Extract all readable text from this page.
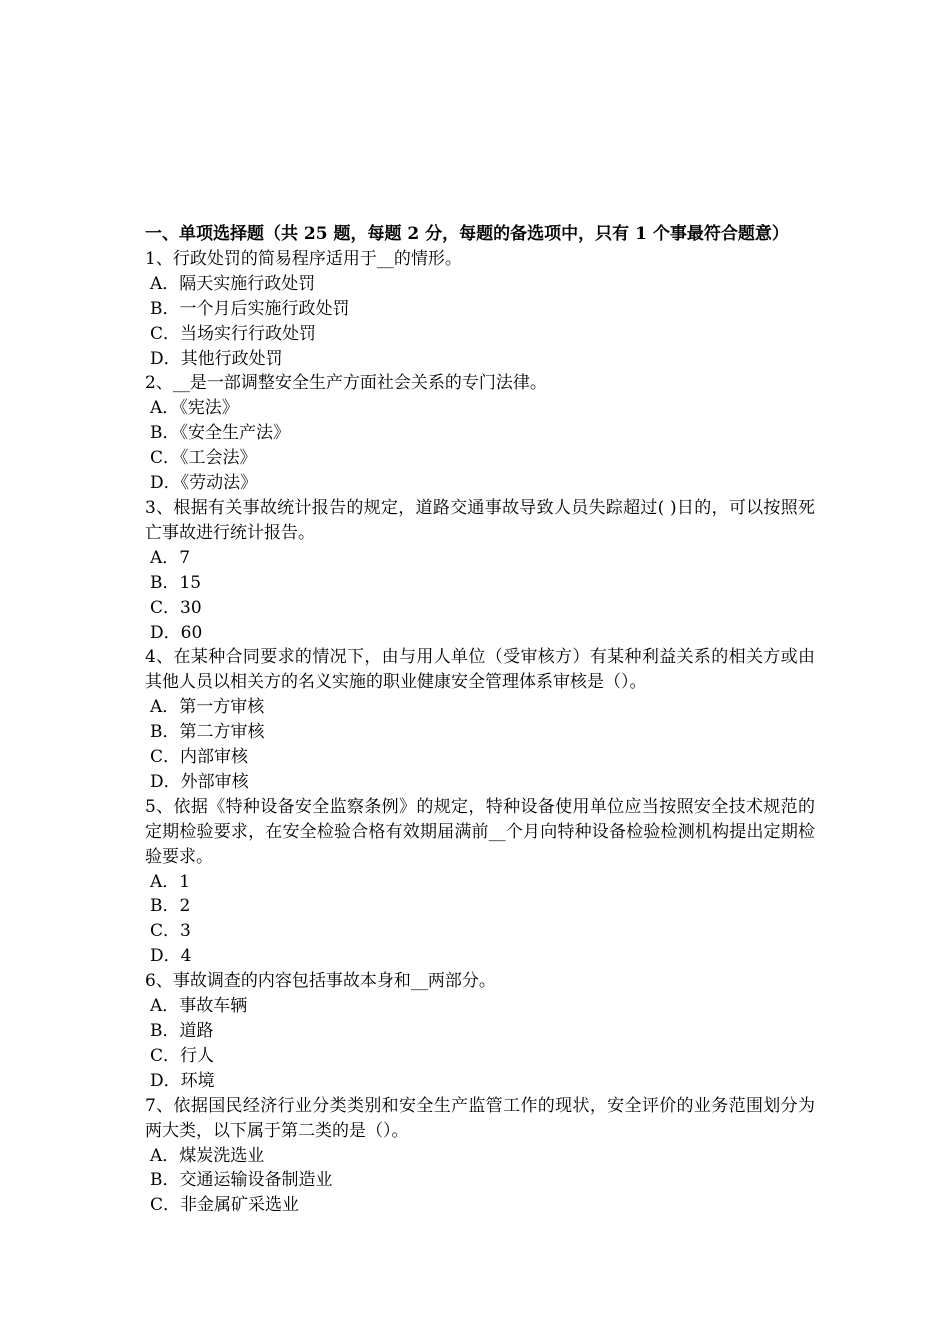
一、单项选择题（共 25 题，每题 2 分，每题的备选项中，只有 1 个事最符合题意）

1、行政处罚的简易程序适用于__的情形。

A．隔天实施行政处罚
B．一个月后实施行政处罚
C．当场实行行政处罚
D．其他行政处罚

2、__是一部调整安全生产方面社会关系的专门法律。

A．《宪法》
B．《安全生产法》
C．《工会法》
D．《劳动法》

3、根据有关事故统计报告的规定，道路交通事故导致人员失踪超过( )日的，可以按照死亡事故进行统计报告。

A．7
B．15
C．30
D．60

4、在某种合同要求的情况下，由与用人单位（受审核方）有某种利益关系的相关方或由其他人员以相关方的名义实施的职业健康安全管理体系审核是（）。

A．第一方审核
B．第二方审核
C．内部审核
D．外部审核

5、依据《特种设备安全监察条例》的规定，特种设备使用单位应当按照安全技术规范的定期检验要求，在安全检验合格有效期届满前__个月向特种设备检验检测机构提出定期检验要求。

A．1
B．2
C．3
D．4

6、事故调查的内容包括事故本身和__两部分。

A．事故车辆
B．道路
C．行人
D．环境

7、依据国民经济行业分类类别和安全生产监管工作的现状，安全评价的业务范围划分为两大类，以下属于第二类的是（）。

A．煤炭洗选业
B．交通运输设备制造业
C．非金属矿采选业
